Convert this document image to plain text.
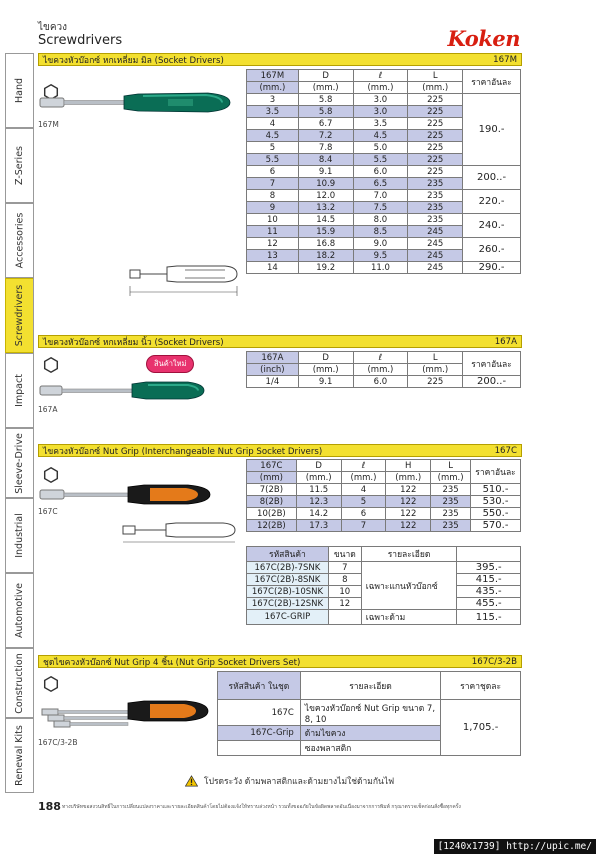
ไขควง
Screwdrivers	Koken
Hand
Z-Series
Accessories
Screwdrivers
Impact
Sleeve-Drive
Industrial
Automotive
Construction
Renewal Kits
ไขควงหัวบ๊อกซ์ หกเหลี่ยม มิล (Socket Drivers)	167M
167M
167M	D	ℓ	L	ราคาอันละ
(mm.)	(mm.)	(mm.)	(mm.)	
3	5.8	3.0	225	190.-
3.5	5.8	3.0	225	
4	6.7	3.5	225	
4.5	7.2	4.5	225	
5	7.8	5.0	225	
5.5	8.4	5.5	225	
6	9.1	6.0	225	200..-
7	10.9	6.5	235	
8	12.0	7.0	235	220.-
9	13.2	7.5	235	
10	14.5	8.0	235	240.-
11	15.9	8.5	245	
12	16.8	9.0	245	260.-
13	18.2	9.5	245	
14	19.2	11.0	245	290.-
ไขควงหัวบ๊อกซ์ หกเหลี่ยม นิ้ว (Socket Drivers)	167A
สินค้าใหม่
167A
167A	D	ℓ	L	ราคาอันละ
(inch)	(mm.)	(mm.)	(mm.)	
1/4	9.1	6.0	225	200..-
ไขควงหัวบ๊อกซ์ Nut Grip (Interchangeable Nut Grip Socket Drivers)	167C
167C
167C	D	ℓ	H	L	ราคาอันละ
(mm)	(mm.)	(mm.)	(mm.)	(mm.)	
7(2B)	11.5	4	122	235	510.-
8(2B)	12.3	5	122	235	530.-
10(2B)	14.2	6	122	235	550.-
12(2B)	17.3	7	122	235	570.-
รหัสสินค้า	ขนาด	รายละเอียด	
167C(2B)-7SNK	7	เฉพาะแกนหัวบ๊อกซ์	395.-
167C(2B)-8SNK	8		415.-
167C(2B)-10SNK	10		435.-
167C(2B)-12SNK	12		455.-
167C-GRIP		เฉพาะด้าม	115.-
ชุดไขควงหัวบ๊อกซ์ Nut Grip 4 ชิ้น (Nut Grip Socket Drivers Set)	167C/3-2B
167C/3-2B
รหัสสินค้า ในชุด	รายละเอียด	ราคาชุดละ
167C	ไขควงหัวบ๊อกซ์ Nut Grip ขนาด 7, 8, 10	1,705.-
167C-Grip	ด้ามไขควง	
	ซองพลาสติก	
โปรดระวัง ด้ามพลาสติกและด้ามยางไม่ใช่ด้ามกันไฟ
188 ทางบริษัทขอสงวนสิทธิ์ในการเปลี่ยนแปลงราคาและรายละเอียดสินค้าโดยไม่ต้องแจ้งให้ทราบล่วงหน้า รวมทั้งขออภัยในข้อผิดพลาดอันเนื่องมาจากการพิมพ์ กรุณาตรวจเช็คก่อนสั่งซื้อทุกครั้ง
[1240x1739] http://upic.me/
